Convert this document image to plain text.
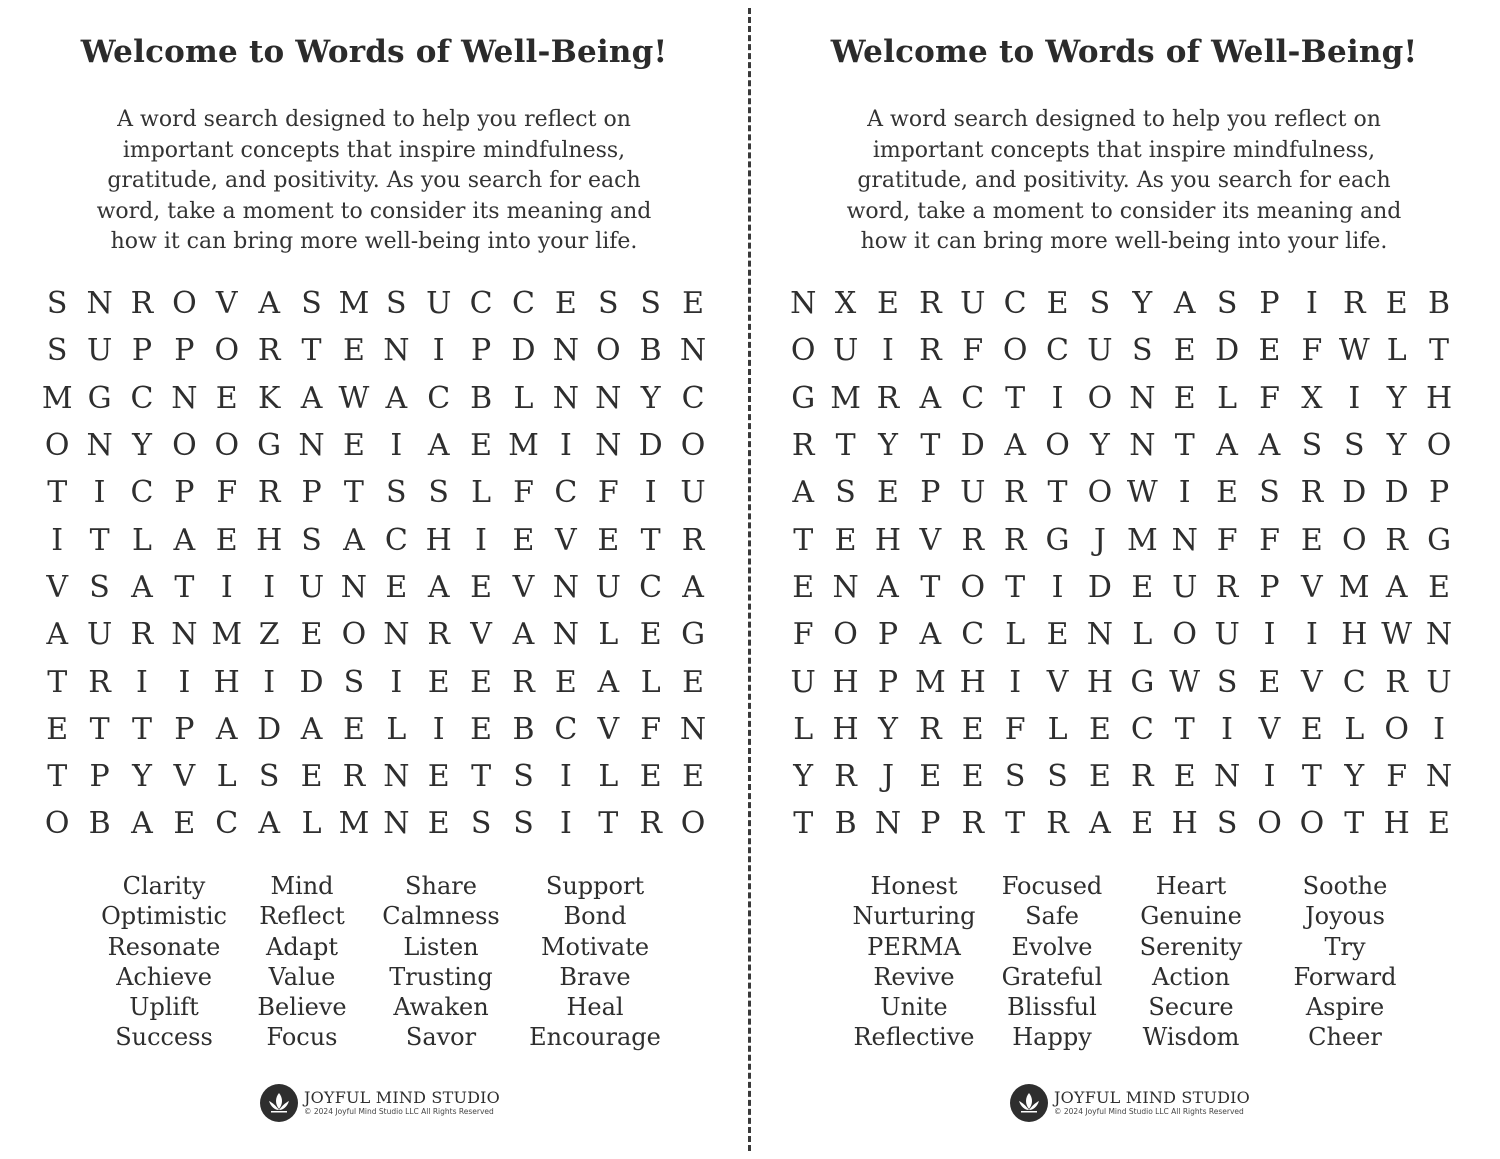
Welcome to Words of Well-Being!
A word search designed to help you reflect on
important concepts that inspire mindfulness,
gratitude, and positivity. As you search for each
word, take a moment to consider its meaning and
how it can bring more well-being into your life.
S N R O V A S M S U C C E S S E
S U P P O R T E N I P D N O B N
M G C N E K A W A C B L N N Y C
O N Y O O G N E I A E M I N D O
T I C P F R P T S S L F C F I U
I T L A E H S A C H I E V E T R
V S A T I	I U N E A E V N U C A
A U R N M Z E O N R V A N L E G
T R I	I H I D S I E E R E A L E
E T T P A D A E L I E B C V F N
T P Y V L S E R N E T S I L E E
O B A E C A L M N E S S I T R O
Clarity
Optimistic
Resonate
Achieve
Uplift
Success
Mind
Reflect
Adapt
Value
Believe
Focus
Share
Calmness
Listen
Trusting
Awaken
Savor
Support
Bond
Motivate
Brave
Heal
Encourage
JOYFUL MIND STUDIO
© 2024 Joyful Mind Studio LLC All Rights Reserved
Welcome to Words of Well-Being!
A word search designed to help you reflect on
important concepts that inspire mindfulness,
gratitude, and positivity. As you search for each
word, take a moment to consider its meaning and
how it can bring more well-being into your life.
N X E R U C E S Y A S P I R E B
O U I R F O C U S E D E F W L T
G M R A C T I O N E L F X I Y H
R T Y T D A O Y N T A A S S Y O
A S E P U R T O W I E S R D D P
T E H V R R G J M N F F E O R G
E N A T O T I D E U R P V M A E
F O P A C L E N L O U I	I H W N
U H P M H I V H G W S E V C R U
L H Y R E F L E C T I V E L O I
Y R J E E S S E R E N I T Y F N
T B N P R T R A E H S O O T H E
Honest
Nurturing
PERMA
Revive
Unite
Reflective
Focused
Safe
Evolve
Grateful
Blissful
Happy
Heart
Genuine
Serenity
Action
Secure
Wisdom
Soothe
Joyous
Try
Forward
Aspire
Cheer
JOYFUL MIND STUDIO
© 2024 Joyful Mind Studio LLC All Rights Reserved
